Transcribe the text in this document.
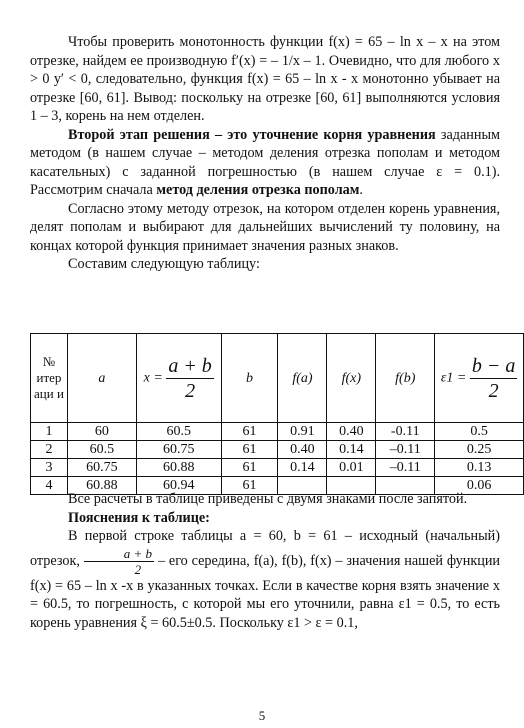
Чтобы проверить монотонность функции f(x) = 65 – ln x – x на этом отрезке, найдем ее производную f′(x) = – 1/x – 1. Очевидно, что для любого x > 0 y′ < 0, следовательно, функция f(x) = 65 – ln x - x монотонно убывает на отрезке [60, 61]. Вывод: поскольку на отрезке [60, 61] выполняются условия 1 – 3, корень на нем отделен.

Второй этап решения – это уточнение корня уравнения заданным методом (в нашем случае – методом деления отрезка пополам и методом касательных) с заданной погрешностью (в нашем случае ε = 0.1). Рассмотрим сначала метод деления отрезка пополам.

Согласно этому методу отрезок, на котором отделен корень уравнения, делят пополам и выбирают для дальнейших вычислений ту половину, на концах которой функция принимает значения разных знаков.

Составим следующую таблицу:

№ итер аци и	a	$x = \frac{a + b}{2}$	b	f(a)	f(x)	f(b)	$\varepsilon 1 = \frac{b - a}{2}$

1	60	60.5	61	0.91	0.40	-0.11	0.5
2	60.5	60.75	61	0.40	0.14	–0.11	0.25
3	60.75	60.88	61	0.14	0.01	–0.11	0.13
4	60.88	60.94	61				0.06

Все расчеты в таблице приведены с двумя знаками после запятой.

Пояснения к таблице:

В первой строке таблицы a = 60, b = 61 – исходный (начальный) отрезок, $\frac{a + b}{2}$ – его середина, f(a), f(b), f(x) – значения нашей функции f(x) = 65 – ln x -x в указанных точках. Если в качестве корня взять значение x = 60.5, то погрешность, с которой мы его уточнили, равна ε1 = 0.5, то есть корень уравнения ξ = 60.5±0.5. Поскольку ε1 > ε = 0.1,

5
